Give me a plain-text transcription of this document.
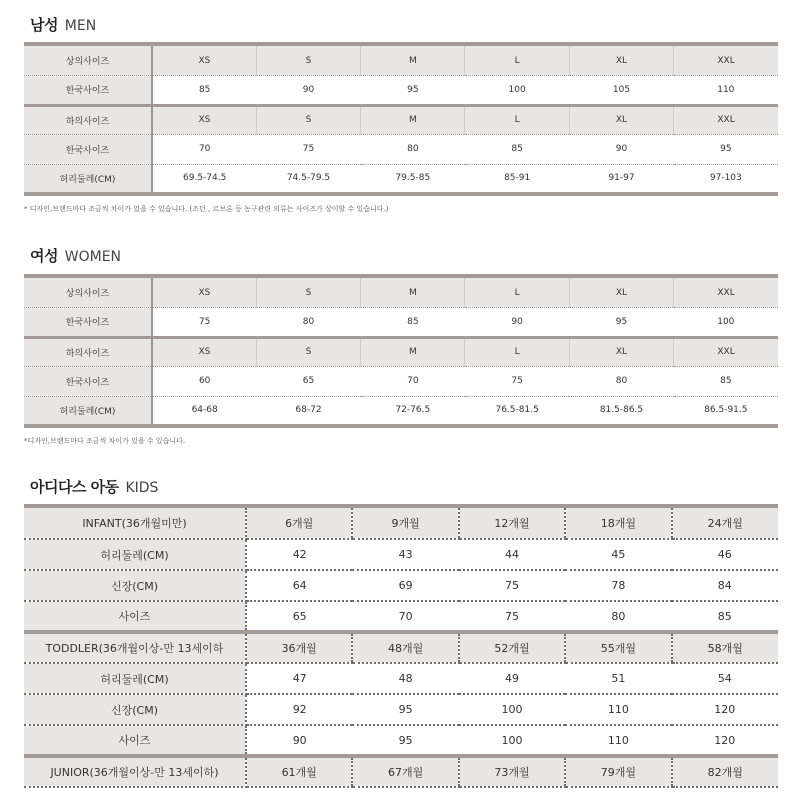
남성 MEN
상의사이즈	XS	S	M	L	XL	XXL
한국사이즈	85	90	95	100	105	110
하의사이즈	XS	S	M	L	XL	XXL
한국사이즈	70	75	80	85	90	95
허리둘레(CM)	69.5-74.5	74.5-79.5	79.5-85	85-91	91-97	97-103
* 디자인,브랜드마다 조금씩 차이가 있을 수 있습니다. (조던 , 르브론 등 농구관련 의류는 사이즈가 상이할 수 있습니다.)
여성 WOMEN
상의사이즈	XS	S	M	L	XL	XXL
한국사이즈	75	80	85	90	95	100
하의사이즈	XS	S	M	L	XL	XXL
한국사이즈	60	65	70	75	80	85
허리둘레(CM)	64-68	68-72	72-76.5	76.5-81.5	81.5-86.5	86.5-91.5
*디자인,브랜드마다 조금씩 차이가 있을 수 있습니다.
아디다스 아동 KIDS
INFANT(36개월미만)	6개월	9개월	12개월	18개월	24개월
허리둘레(CM)	42	43	44	45	46
신장(CM)	64	69	75	78	84
사이즈	65	70	75	80	85
TODDLER(36개월이상-만 13세이하	36개월	48개월	52개월	55개월	58개월
허리둘레(CM)	47	48	49	51	54
신장(CM)	92	95	100	110	120
사이즈	90	95	100	110	120
JUNIOR(36개월이상-만 13세이하)	61개월	67개월	73개월	79개월	82개월
